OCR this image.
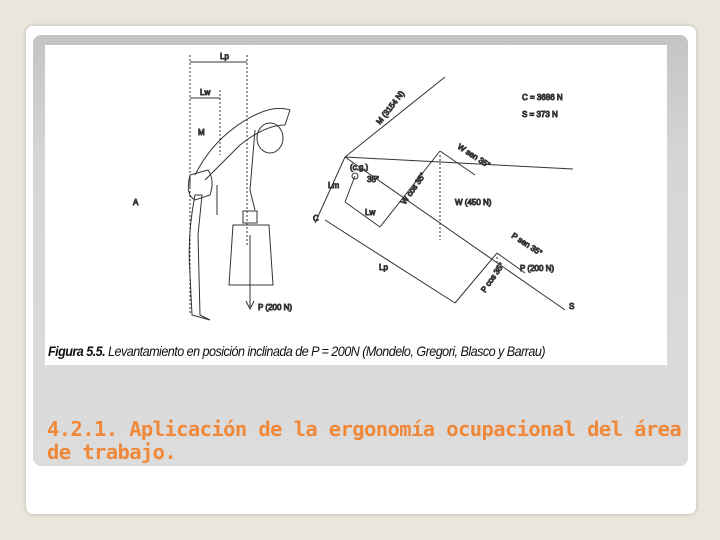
Lp
Lw
M
A
P (200 N)
M (3154 N)
(c.g.)
35°
Lm
C
Lw
Lp
W cos 35°
W sen 35°
W (450 N)
P cos 35°
P sen 35°
P (200 N)
S
C = 3686 N
S = 373 N
Figura 5.5. Levantamiento en posición inclinada de P = 200N (Mondelo, Gregori, Blasco y Barrau)
4.2.1. Aplicación de la ergonomía ocupacional del área de trabajo.
